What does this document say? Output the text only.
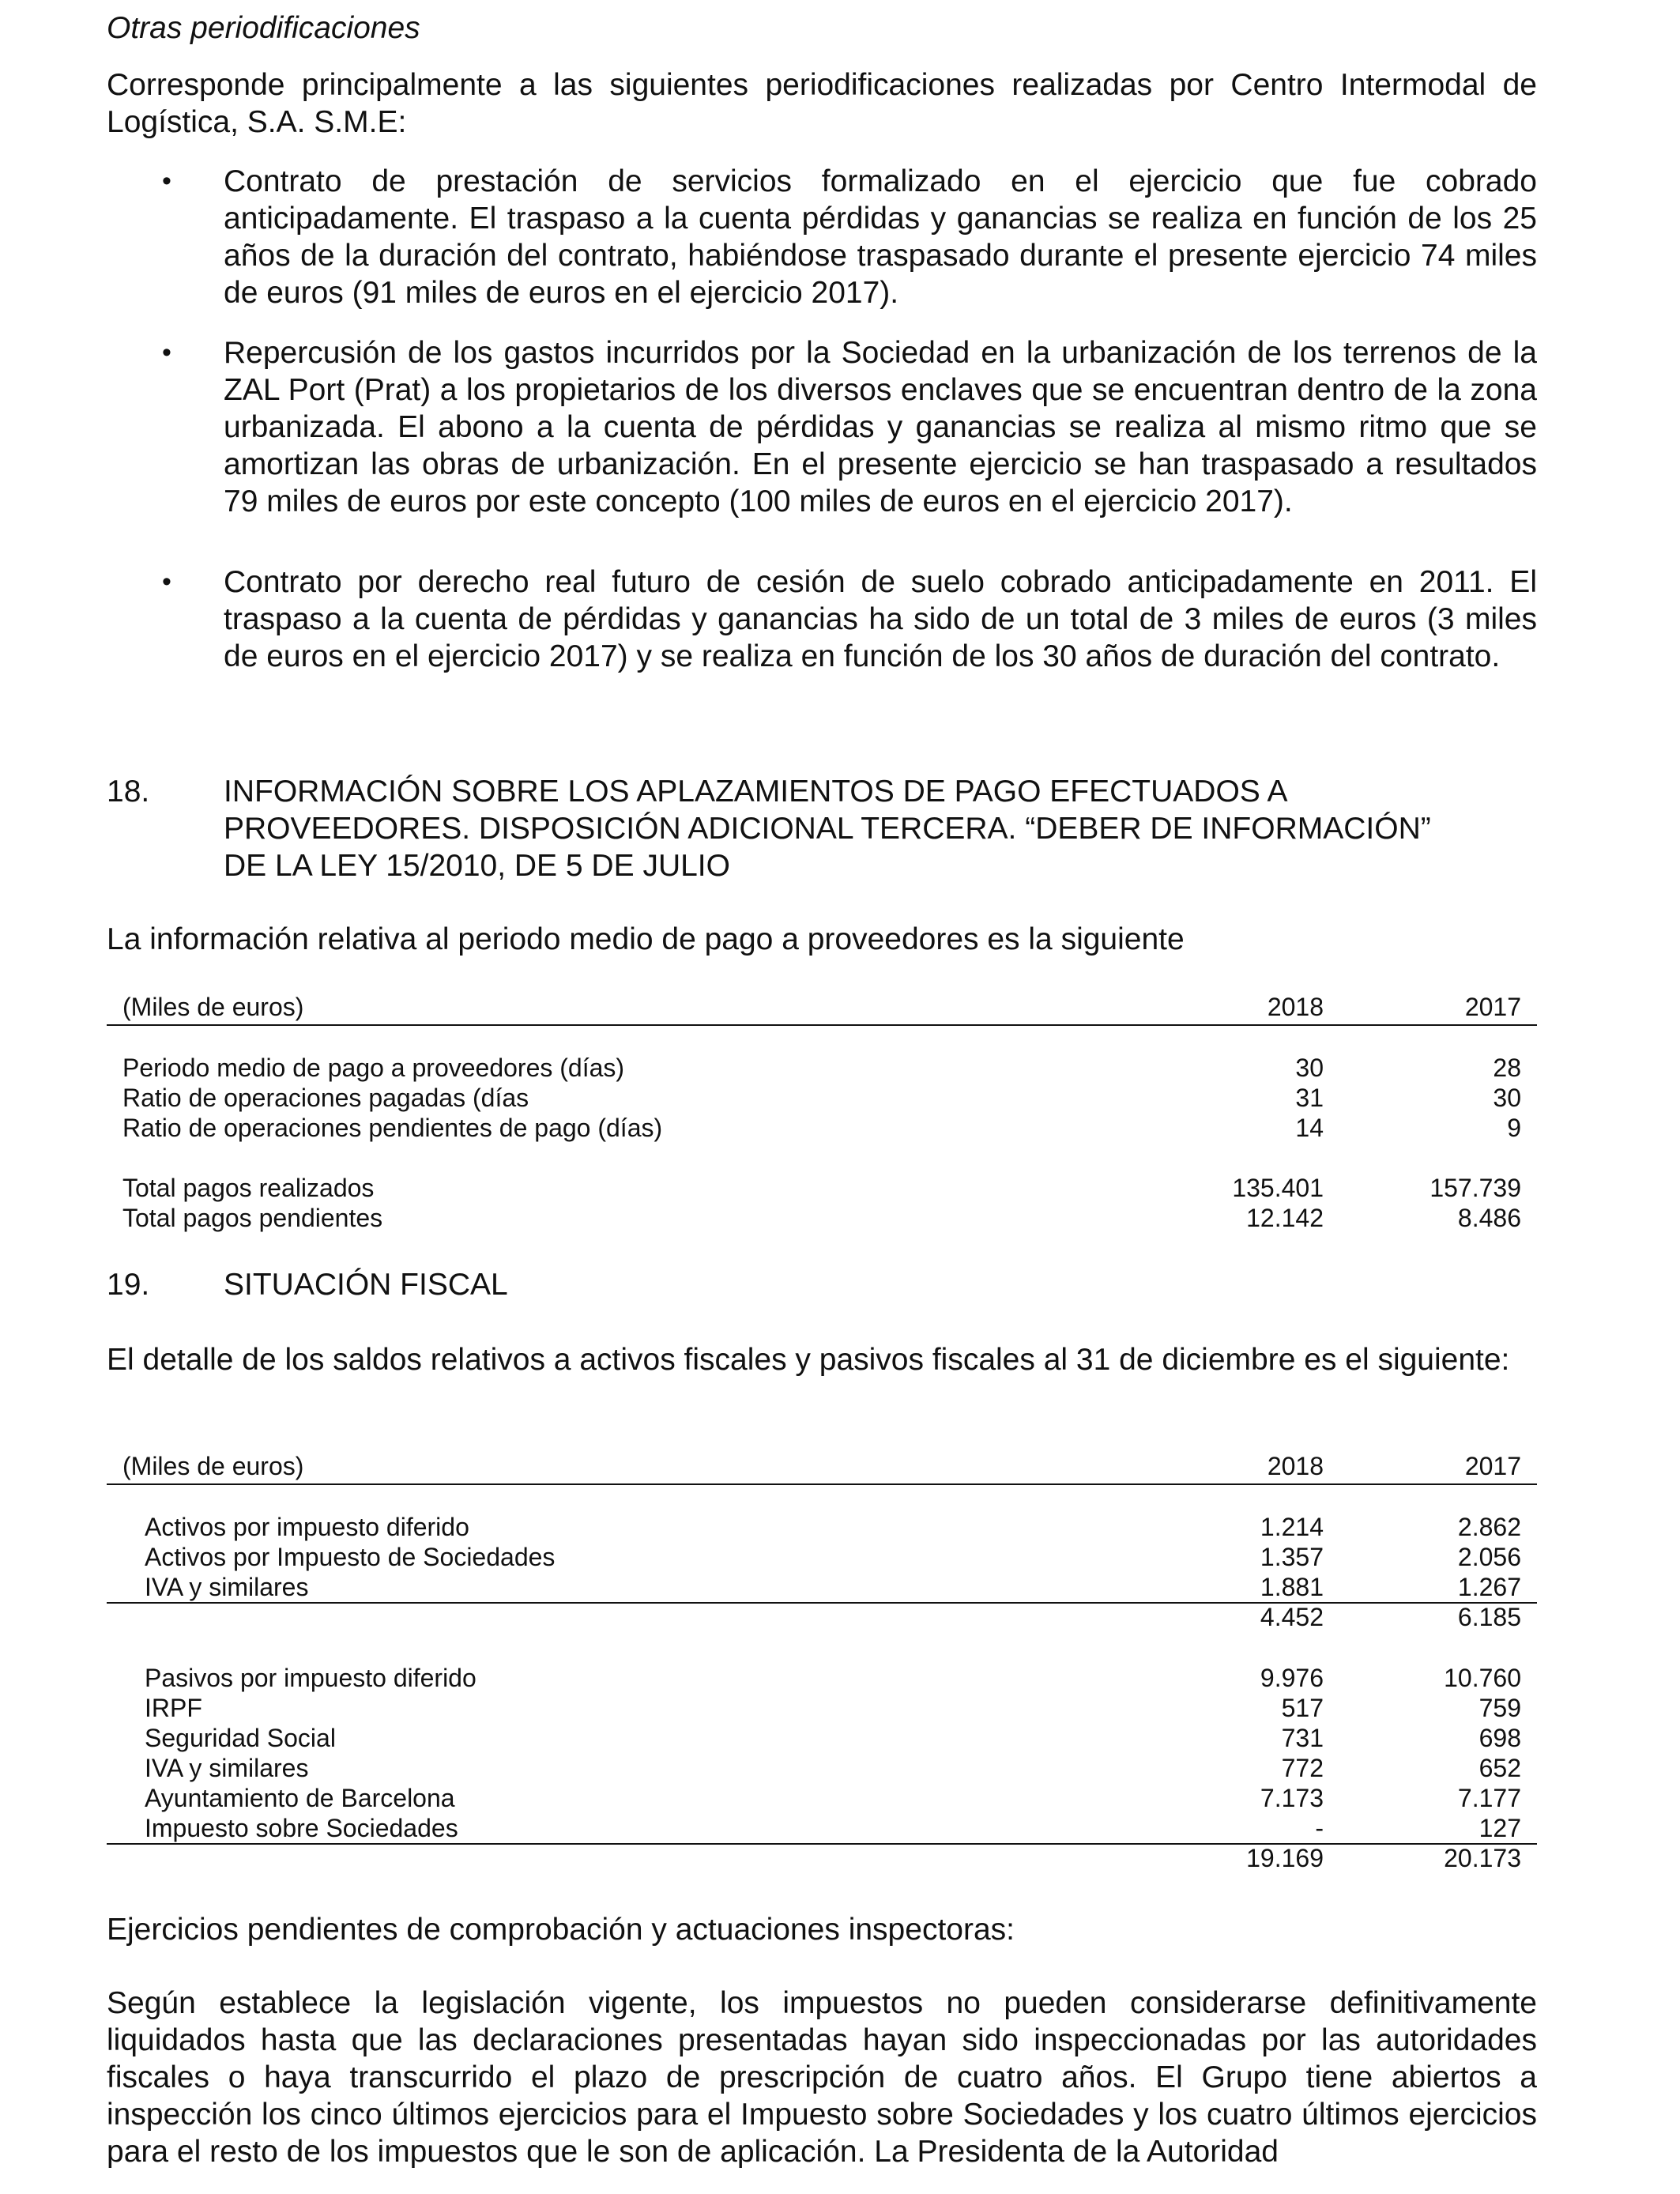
Otras periodificaciones

Corresponde principalmente a las siguientes periodificaciones realizadas por Centro Intermodal de Logística, S.A. S.M.E:

• Contrato de prestación de servicios formalizado en el ejercicio que fue cobrado anticipadamente. El traspaso a la cuenta pérdidas y ganancias se realiza en función de los 25 años de la duración del contrato, habiéndose traspasado durante el presente ejercicio 74 miles de euros (91 miles de euros en el ejercicio 2017).
• Repercusión de los gastos incurridos por la Sociedad en la urbanización de los terrenos de la ZAL Port (Prat) a los propietarios de los diversos enclaves que se encuentran dentro de la zona urbanizada. El abono a la cuenta de pérdidas y ganancias se realiza al mismo ritmo que se amortizan las obras de urbanización. En el presente ejercicio se han traspasado a resultados 79 miles de euros por este concepto (100 miles de euros en el ejercicio 2017).
• Contrato por derecho real futuro de cesión de suelo cobrado anticipadamente en 2011. El traspaso a la cuenta de pérdidas y ganancias ha sido de un total de 3 miles de euros (3 miles de euros en el ejercicio 2017) y se realiza en función de los 30 años de duración del contrato.
18. INFORMACIÓN SOBRE LOS APLAZAMIENTOS DE PAGO EFECTUADOS A
PROVEEDORES. DISPOSICIÓN ADICIONAL TERCERA. “DEBER DE INFORMACIÓN”
DE LA LEY 15/2010, DE 5 DE JULIO

La información relativa al periodo medio de pago a proveedores es la siguiente

(Miles de euros)	2018	2017
Periodo medio de pago a proveedores (días)	30	28
Ratio de operaciones pagadas (días	31	30
Ratio de operaciones pendientes de pago (días)	14	9
Total pagos realizados	135.401	157.739
Total pagos pendientes	12.142	8.486
19. SITUACIÓN FISCAL

El detalle de los saldos relativos a activos fiscales y pasivos fiscales al 31 de diciembre es el siguiente:

(Miles de euros)	2018	2017
Activos por impuesto diferido	1.214	2.862
Activos por Impuesto de Sociedades	1.357	2.056
IVA y similares	1.881	1.267
4.452	6.185
Pasivos por impuesto diferido	9.976	10.760
IRPF	517	759
Seguridad Social	731	698
IVA y similares	772	652
Ayuntamiento de Barcelona	7.173	7.177
Impuesto sobre Sociedades	-	127
19.169	20.173

Ejercicios pendientes de comprobación y actuaciones inspectoras:

Según establece la legislación vigente, los impuestos no pueden considerarse definitivamente liquidados hasta que las declaraciones presentadas hayan sido inspeccionadas por las autoridades fiscales o haya transcurrido el plazo de prescripción de cuatro años. El Grupo tiene abiertos a inspección los cinco últimos ejercicios para el Impuesto sobre Sociedades y los cuatro últimos ejercicios para el resto de los impuestos que le son de aplicación. La Presidenta de la Autoridad
